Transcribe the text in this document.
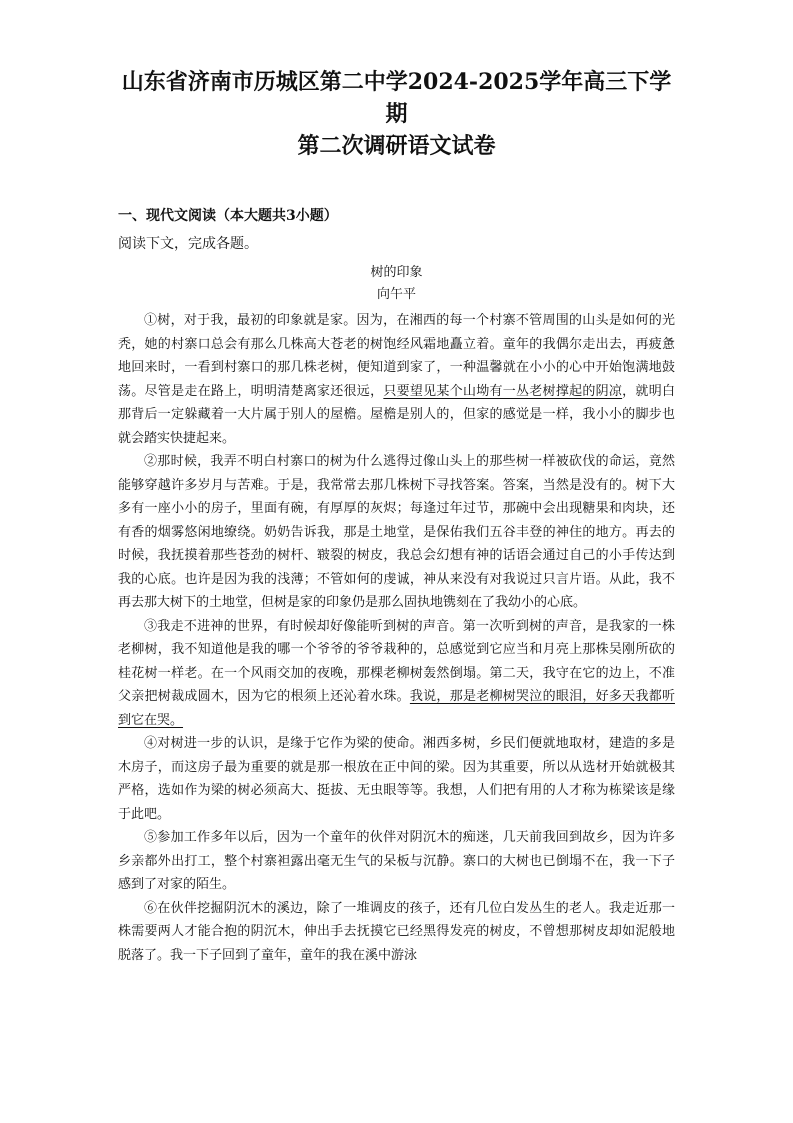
山东省济南市历城区第二中学2024-2025学年高三下学期
第二次调研语文试卷
一、现代文阅读（本大题共3小题）
阅读下文，完成各题。
树的印象
向午平

①树，对于我，最初的印象就是家。因为，在湘西的每一个村寨不管周围的山头是如何的光秃，她的村寨口总会有那么几株高大苍老的树饱经风霜地矗立着。童年的我偶尔走出去，再疲惫地回来时，一看到村寨口的那几株老树，便知道到家了，一种温馨就在小小的心中开始饱满地鼓荡。尽管是走在路上，明明清楚离家还很远，只要望见某个山坳有一丛老树撑起的阴凉，就明白那背后一定躲藏着一大片属于别人的屋檐。屋檐是别人的，但家的感觉是一样，我小小的脚步也就会踏实快捷起来。

②那时候，我弄不明白村寨口的树为什么逃得过像山头上的那些树一样被砍伐的命运，竟然能够穿越许多岁月与苦难。于是，我常常去那几株树下寻找答案。答案，当然是没有的。树下大多有一座小小的房子，里面有碗，有厚厚的灰烬；每逢过年过节，那碗中会出现糖果和肉块，还有香的烟雾悠闲地缭绕。奶奶告诉我，那是土地堂，是保佑我们五谷丰登的神住的地方。再去的时候，我抚摸着那些苍劲的树杆、皲裂的树皮，我总会幻想有神的话语会通过自己的小手传达到我的心底。也许是因为我的浅薄；不管如何的虔诚，神从来没有对我说过只言片语。从此，我不再去那大树下的土地堂，但树是家的印象仍是那么固执地镌刻在了我幼小的心底。

③我走不进神的世界，有时候却好像能听到树的声音。第一次听到树的声音，是我家的一株老柳树，我不知道他是我的哪一个爷爷的爷爷栽种的，总感觉到它应当和月亮上那株吴刚所砍的桂花树一样老。在一个风雨交加的夜晚，那棵老柳树轰然倒塌。第二天，我守在它的边上，不准父亲把树裁成圆木，因为它的根须上还沁着水珠。我说，那是老柳树哭泣的眼泪，好多天我都听到它在哭。

④对树进一步的认识，是缘于它作为梁的使命。湘西多树，乡民们便就地取材，建造的多是木房子，而这房子最为重要的就是那一根放在正中间的梁。因为其重要，所以从选材开始就极其严格，选如作为梁的树必须高大、挺拔、无虫眼等等。我想，人们把有用的人才称为栋梁该是缘于此吧。

⑤参加工作多年以后，因为一个童年的伙伴对阴沉木的痴迷，几天前我回到故乡，因为许多乡亲都外出打工，整个村寨袒露出毫无生气的呆板与沉静。寨口的大树也已倒塌不在，我一下子感到了对家的陌生。

⑥在伙伴挖掘阴沉木的溪边，除了一堆调皮的孩子，还有几位白发丛生的老人。我走近那一株需要两人才能合抱的阴沉木，伸出手去抚摸它已经黑得发亮的树皮，不曾想那树皮却如泥般地脱落了。我一下子回到了童年，童年的我在溪中游泳
